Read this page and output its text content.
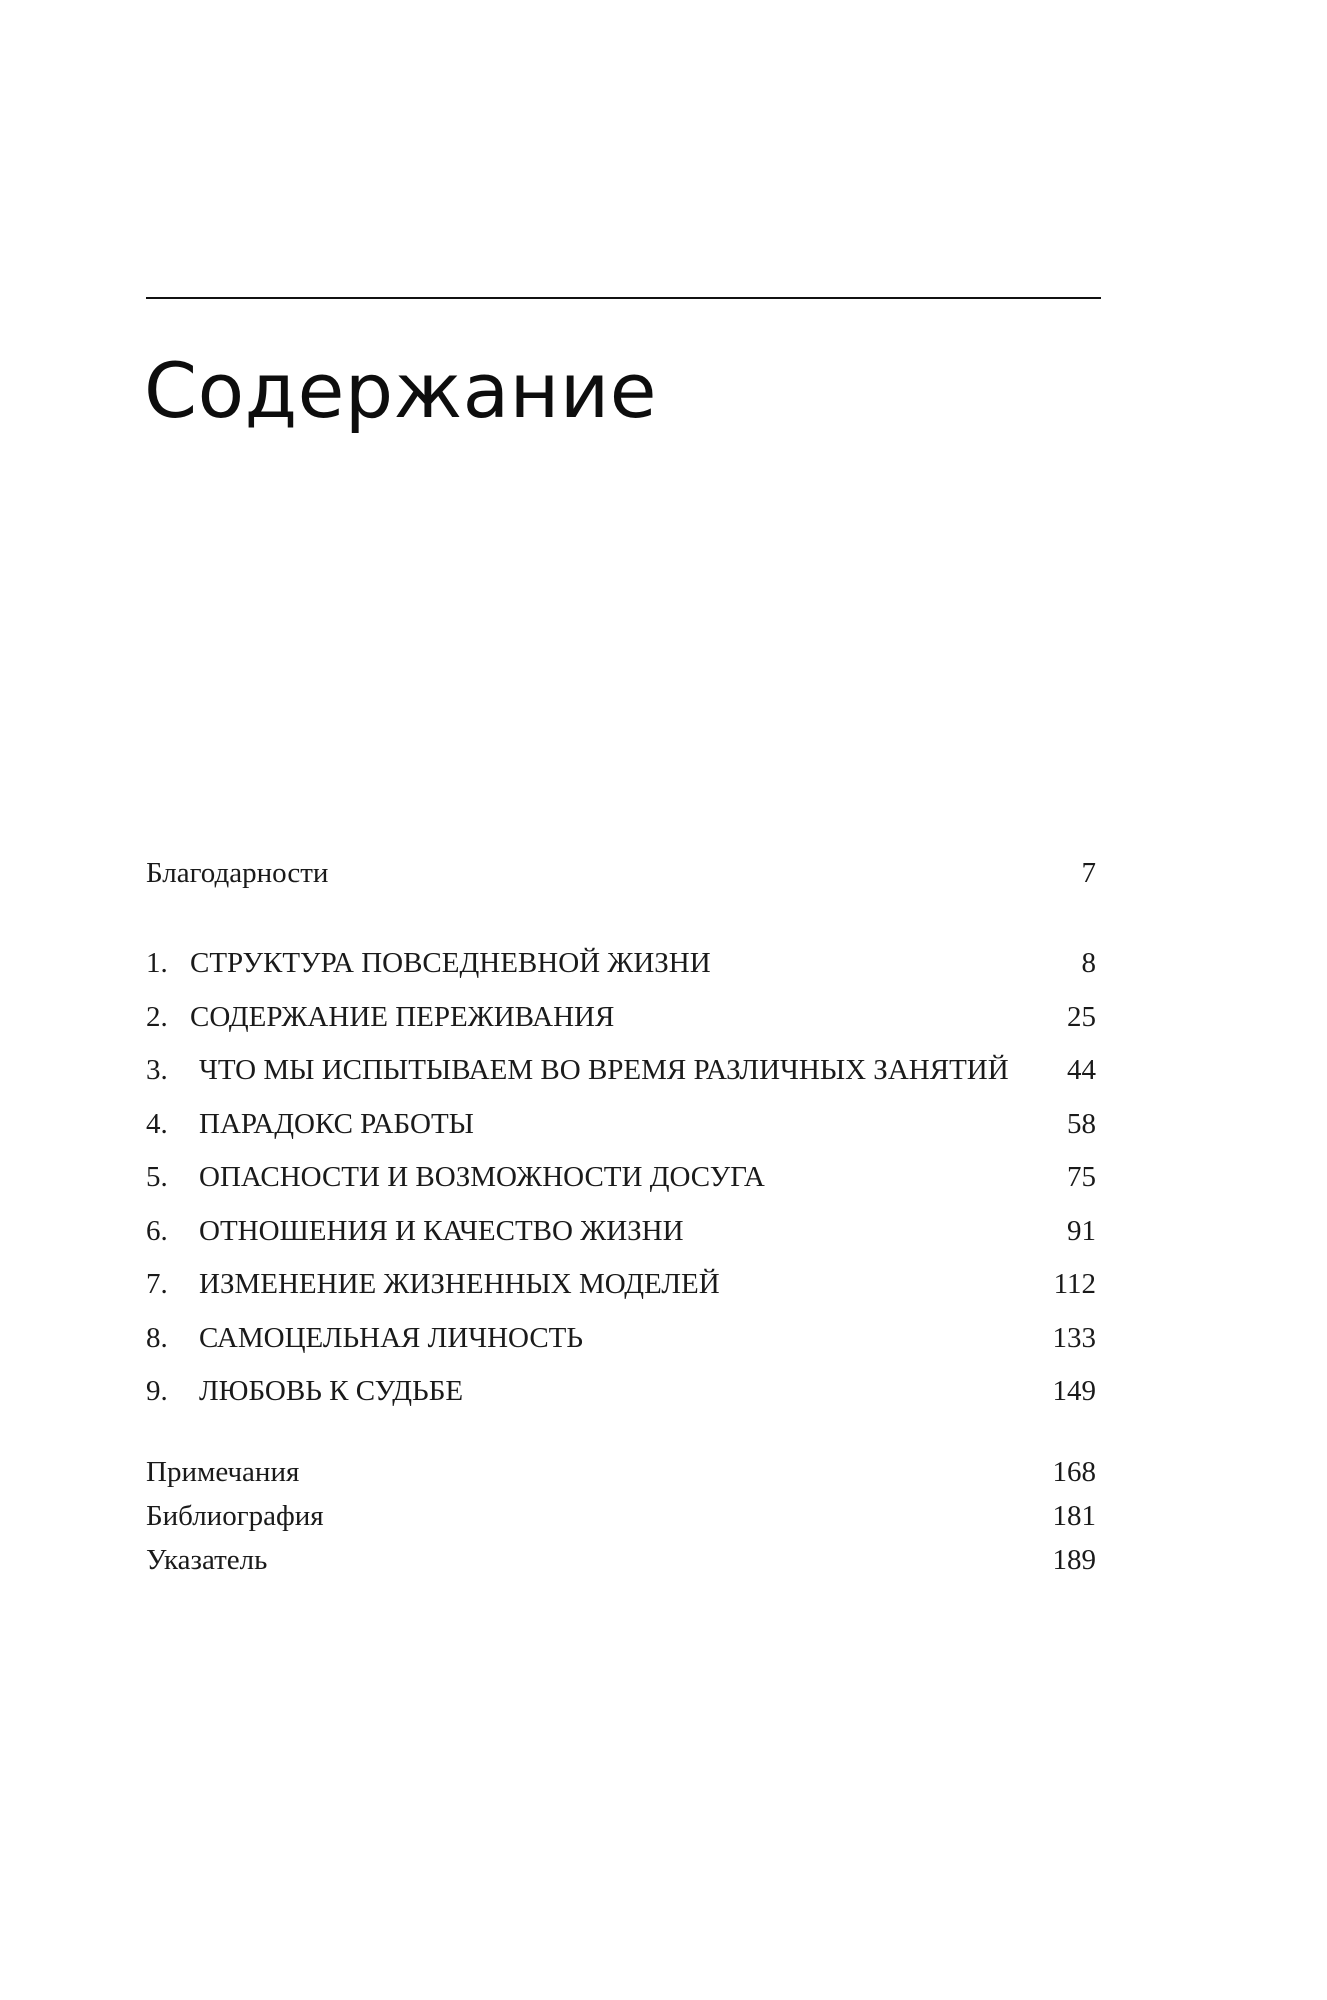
Содержание
Благодарности	7
1. СТРУКТУРА ПОВСЕДНЕВНОЙ ЖИЗНИ	8
2. СОДЕРЖАНИЕ ПЕРЕЖИВАНИЯ	25
3. ЧТО МЫ ИСПЫТЫВАЕМ ВО ВРЕМЯ РАЗЛИЧНЫХ ЗАНЯТИЙ 44
4. ПАРАДОКС РАБОТЫ	58
5. ОПАСНОСТИ И ВОЗМОЖНОСТИ ДОСУГА	75
6. ОТНОШЕНИЯ И КАЧЕСТВО ЖИЗНИ	91
7. ИЗМЕНЕНИЕ ЖИЗНЕННЫХ МОДЕЛЕЙ	112
8. САМОЦЕЛЬНАЯ ЛИЧНОСТЬ	133
9. ЛЮБОВЬ К СУДЬБЕ	149
Примечания	168
Библиография	181
Указатель	189
